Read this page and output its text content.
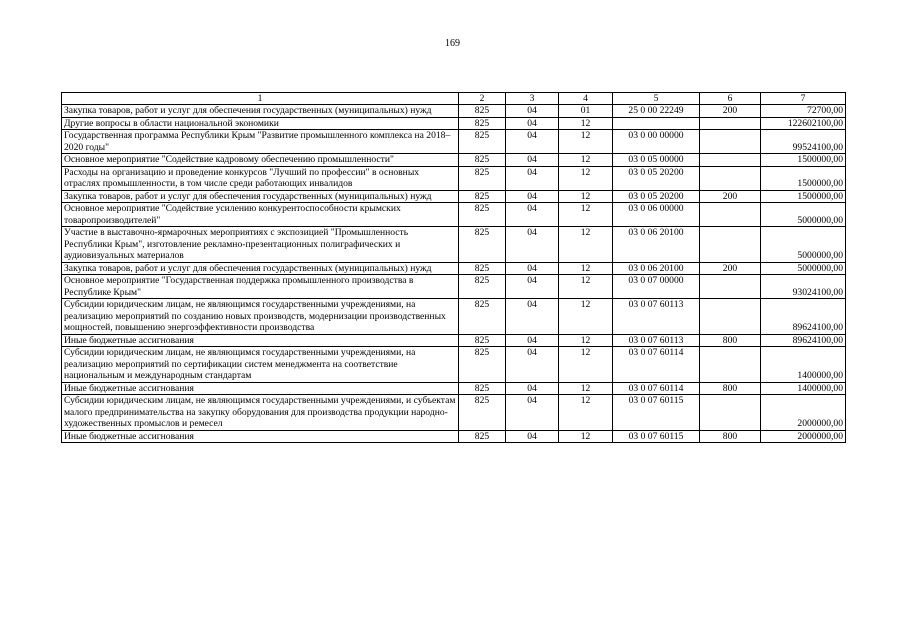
169
1	2	3	4	5	6	7
Закупка товаров, работ и услуг для обеспечения государственных (муниципальных) нужд	825	04	01	25 0 00 22249	200	72700,00
Другие вопросы в области национальной экономики	825	04	12			122602100,00
Государственная программа Республики Крым "Развитие промышленного комплекса на 2018–2020 годы"	825	04	12	03 0 00 00000		99524100,00
Основное мероприятие "Содействие кадровому обеспечению промышленности"	825	04	12	03 0 05 00000		1500000,00
Расходы на организацию и проведение конкурсов "Лучший по профессии" в основных отраслях промышленности, в том числе среди работающих инвалидов	825	04	12	03 0 05 20200		1500000,00
Закупка товаров, работ и услуг для обеспечения государственных (муниципальных) нужд	825	04	12	03 0 05 20200	200	1500000,00
Основное мероприятие "Содействие усилению конкурентоспособности крымских товаропроизводителей"	825	04	12	03 0 06 00000		5000000,00
Участие в выставочно-ярмарочных мероприятиях с экспозицией "Промышленность Республики Крым", изготовление рекламно-презентационных полиграфических и аудиовизуальных материалов	825	04	12	03 0 06 20100		5000000,00
Закупка товаров, работ и услуг для обеспечения государственных (муниципальных) нужд	825	04	12	03 0 06 20100	200	5000000,00
Основное мероприятие "Государственная поддержка промышленного производства в Республике Крым"	825	04	12	03 0 07 00000		93024100,00
Субсидии юридическим лицам, не являющимся государственными учреждениями, на реализацию мероприятий по созданию новых производств, модернизации производственных мощностей, повышению энергоэффективности производства	825	04	12	03 0 07 60113		89624100,00
Иные бюджетные ассигнования	825	04	12	03 0 07 60113	800	89624100,00
Субсидии юридическим лицам, не являющимся государственными учреждениями, на реализацию мероприятий по сертификации систем менеджмента на соответствие национальным и международным стандартам	825	04	12	03 0 07 60114		1400000,00
Иные бюджетные ассигнования	825	04	12	03 0 07 60114	800	1400000,00
Субсидии юридическим лицам, не являющимся государственными учреждениями, и субъектам малого предпринимательства на закупку оборудования для производства продукции народно-художественных промыслов и ремесел	825	04	12	03 0 07 60115		2000000,00
Иные бюджетные ассигнования	825	04	12	03 0 07 60115	800	2000000,00
